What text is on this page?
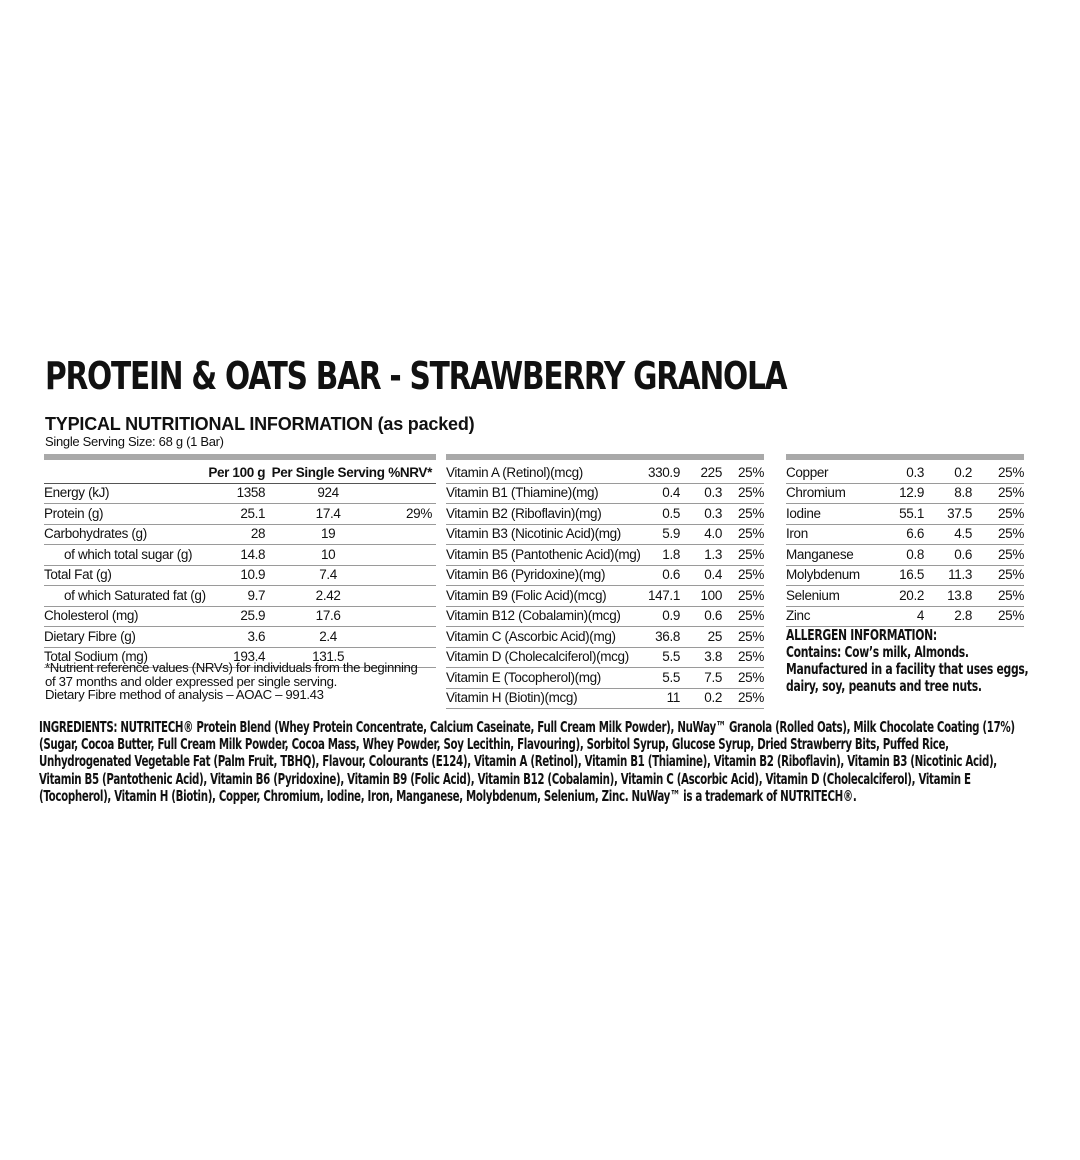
PROTEIN & OATS BAR - STRAWBERRY GRANOLA
TYPICAL NUTRITIONAL INFORMATION (as packed)
Single Serving Size: 68 g (1 Bar)
	Per 100 g	Per Single Serving	%NRV*
Energy (kJ)	1358	924	
Protein (g)	25.1	17.4	29%
Carbohydrates (g)	28	19	
of which total sugar (g)	14.8	10	
Total Fat (g)	10.9	7.4	
of which Saturated fat (g)	9.7	2.42	
Cholesterol (mg)	25.9	17.6	
Dietary Fibre (g)	3.6	2.4	
Total Sodium (mg)	193.4	131.5	
Vitamin A (Retinol)(mcg)	330.9	225	25%
Vitamin B1 (Thiamine)(mg)	0.4	0.3	25%
Vitamin B2 (Riboflavin)(mg)	0.5	0.3	25%
Vitamin B3 (Nicotinic Acid)(mg)	5.9	4.0	25%
Vitamin B5 (Pantothenic Acid)(mg)	1.8	1.3	25%
Vitamin B6 (Pyridoxine)(mg)	0.6	0.4	25%
Vitamin B9 (Folic Acid)(mcg)	147.1	100	25%
Vitamin B12 (Cobalamin)(mcg)	0.9	0.6	25%
Vitamin C (Ascorbic Acid)(mg)	36.8	25	25%
Vitamin D (Cholecalciferol)(mcg)	5.5	3.8	25%
Vitamin E (Tocopherol)(mg)	5.5	7.5	25%
Vitamin H (Biotin)(mcg)	11	0.2	25%
Copper	0.3	0.2	25%
Chromium	12.9	8.8	25%
Iodine	55.1	37.5	25%
Iron	6.6	4.5	25%
Manganese	0.8	0.6	25%
Molybdenum	16.5	11.3	25%
Selenium	20.2	13.8	25%
Zinc	4	2.8	25%
*Nutrient reference values (NRVs) for individuals from the beginning
of 37 months and older expressed per single serving.
Dietary Fibre method of analysis – AOAC – 991.43
ALLERGEN INFORMATION:
Contains: Cow’s milk, Almonds.
Manufactured in a facility that uses eggs,
dairy, soy, peanuts and tree nuts.
INGREDIENTS: NUTRITECH® Protein Blend (Whey Protein Concentrate, Calcium Caseinate, Full Cream Milk Powder), NuWay™ Granola (Rolled Oats), Milk Chocolate Coating (17%)
(Sugar, Cocoa Butter, Full Cream Milk Powder, Cocoa Mass, Whey Powder, Soy Lecithin, Flavouring), Sorbitol Syrup, Glucose Syrup, Dried Strawberry Bits, Puffed Rice,
Unhydrogenated Vegetable Fat (Palm Fruit, TBHQ), Flavour, Colourants (E124), Vitamin A (Retinol), Vitamin B1 (Thiamine), Vitamin B2 (Riboflavin), Vitamin B3 (Nicotinic Acid),
Vitamin B5 (Pantothenic Acid), Vitamin B6 (Pyridoxine), Vitamin B9 (Folic Acid), Vitamin B12 (Cobalamin), Vitamin C (Ascorbic Acid), Vitamin D (Cholecalciferol), Vitamin E
(Tocopherol), Vitamin H (Biotin), Copper, Chromium, Iodine, Iron, Manganese, Molybdenum, Selenium, Zinc. NuWay™ is a trademark of NUTRITECH®.
